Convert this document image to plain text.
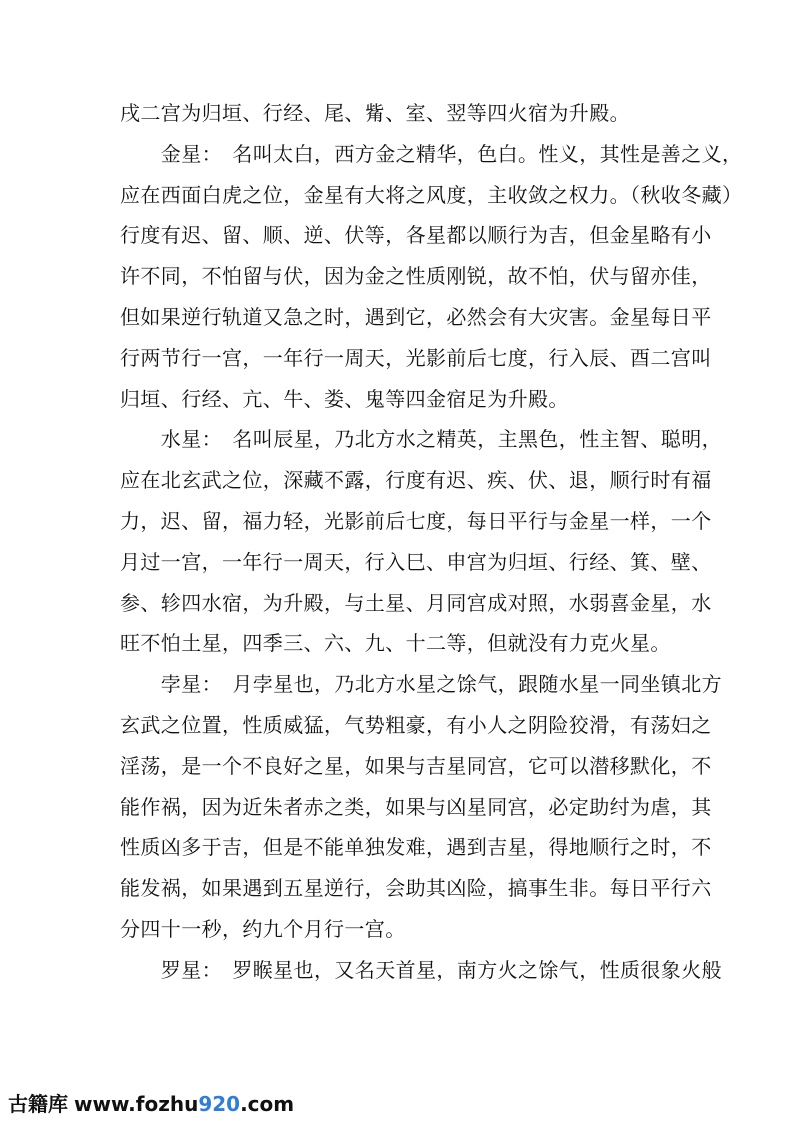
戌二宫为归垣、行经、尾、觜、室、翌等四火宿为升殿。
　　金星：　名叫太白，西方金之精华，色白。性义，其性是善之义，
应在西面白虎之位，金星有大将之风度，主收敛之权力。（秋收冬藏）
行度有迟、留、顺、逆、伏等，各星都以顺行为吉，但金星略有小
许不同，不怕留与伏，因为金之性质刚锐，故不怕，伏与留亦佳，
但如果逆行轨道又急之时，遇到它，必然会有大灾害。金星每日平
行两节行一宫，一年行一周天，光影前后七度，行入辰、酉二宫叫
归垣、行经、亢、牛、娄、鬼等四金宿足为升殿。
　　水星：　名叫辰星，乃北方水之精英，主黑色，性主智、聪明，
应在北玄武之位，深藏不露，行度有迟、疾、伏、退，顺行时有福
力，迟、留，福力轻，光影前后七度，每日平行与金星一样，一个
月过一宫，一年行一周天，行入巳、申宫为归垣、行经、箕、壁、
参、轸四水宿，为升殿，与土星、月同宫成对照，水弱喜金星，水
旺不怕土星，四季三、六、九、十二等，但就没有力克火星。
　　孛星：　月孛星也，乃北方水星之馀气，跟随水星一同坐镇北方
玄武之位置，性质威猛，气势粗豪，有小人之阴险狡滑，有荡妇之
淫荡，是一个不良好之星，如果与吉星同宫，它可以潜移默化，不
能作祸，因为近朱者赤之类，如果与凶星同宫，必定助纣为虐，其
性质凶多于吉，但是不能单独发难，遇到吉星，得地顺行之时，不
能发祸，如果遇到五星逆行，会助其凶险，搞事生非。每日平行六
分四十一秒，约九个月行一宫。
　　罗星：　罗睺星也，又名天首星，南方火之馀气，性质很象火般
古籍库 www.fozhu920.com
